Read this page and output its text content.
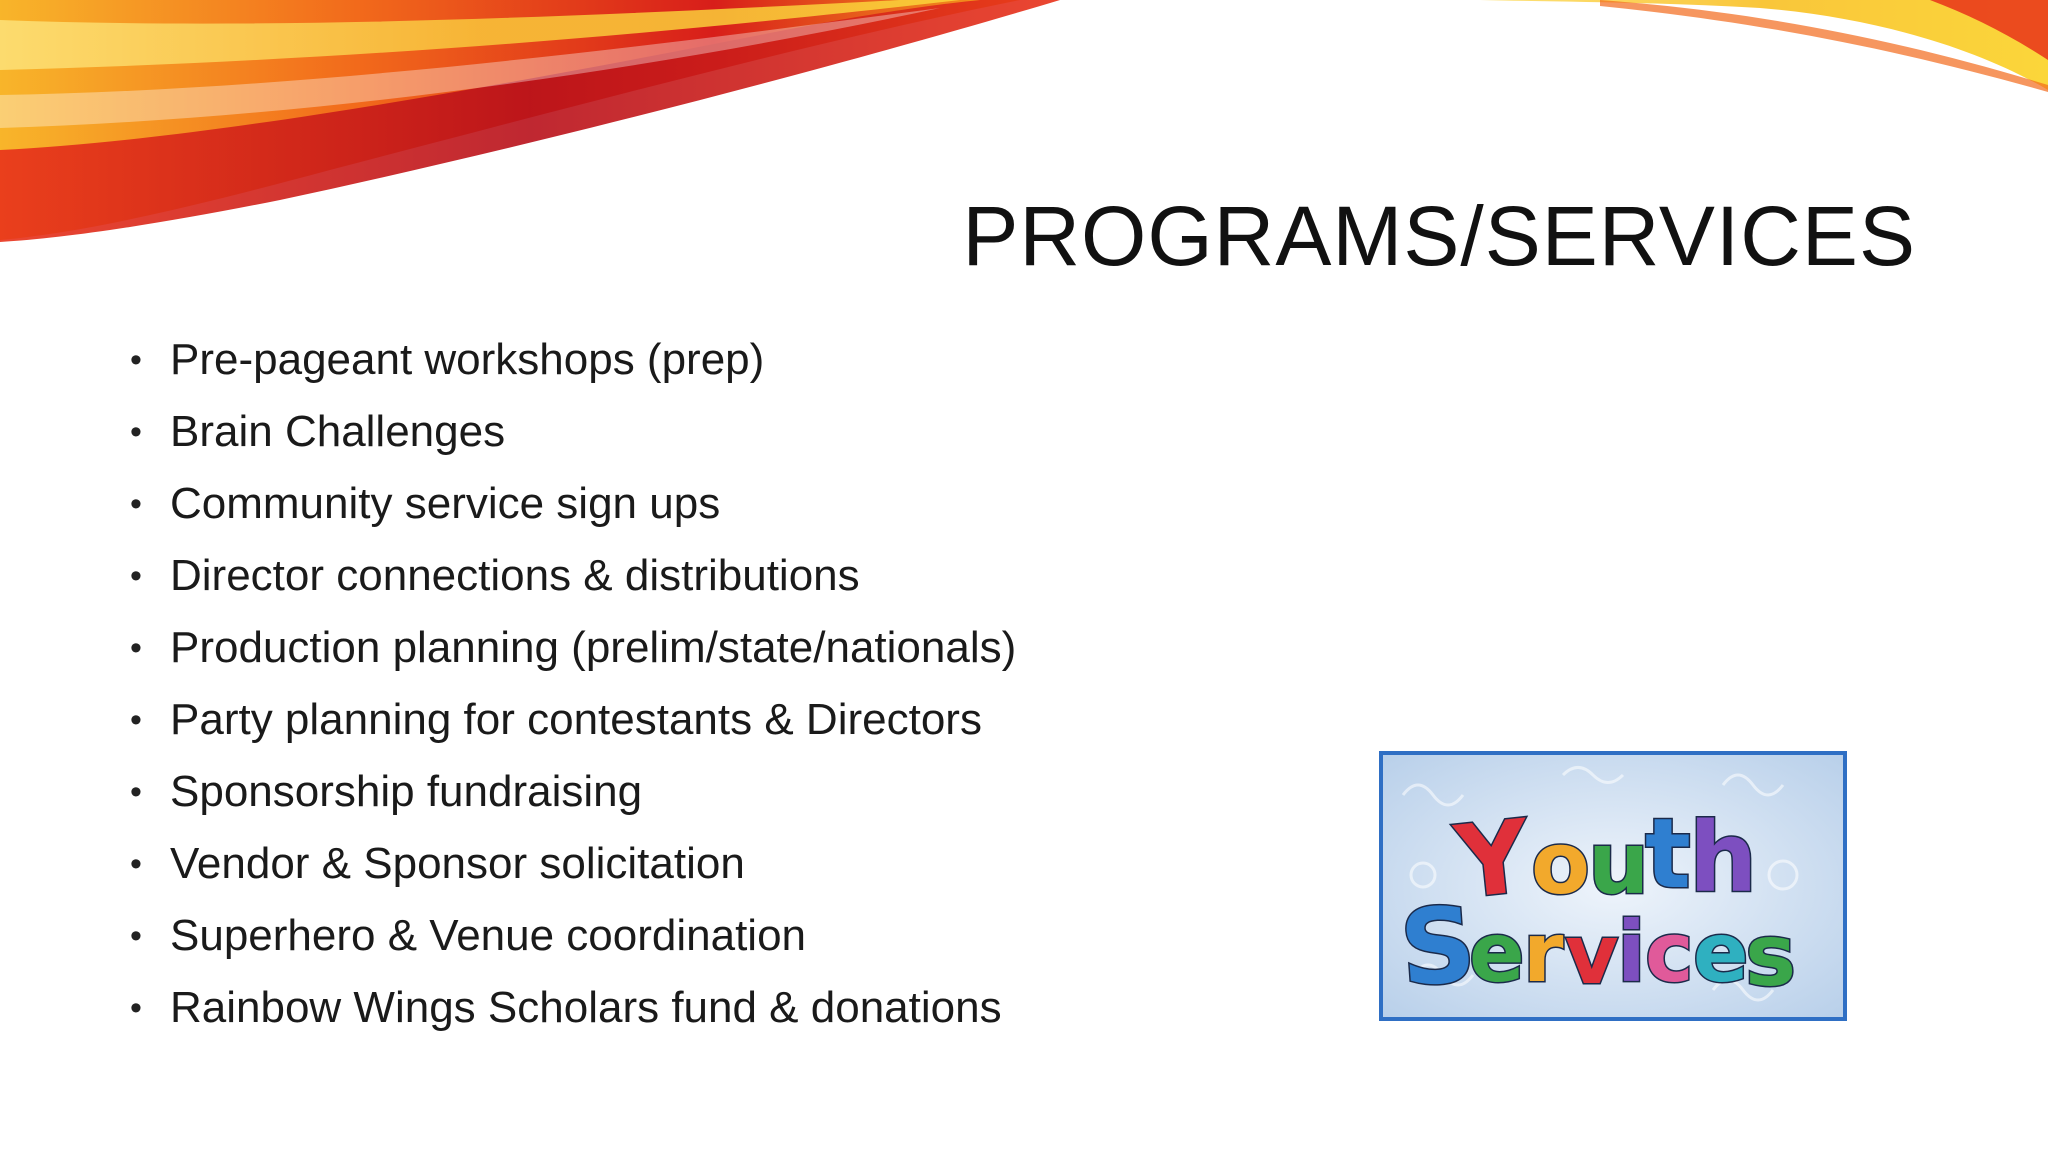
PROGRAMS/SERVICES
• Pre-pageant workshops (prep)
• Brain Challenges
• Community service sign ups
• Director connections & distributions
• Production planning (prelim/state/nationals)
• Party planning for contestants & Directors
• Sponsorship fundraising
• Vendor & Sponsor solicitation
• Superhero & Venue coordination
• Rainbow Wings Scholars fund & donations
Y
o
u
t
h
S
e
r v
i c e
s
